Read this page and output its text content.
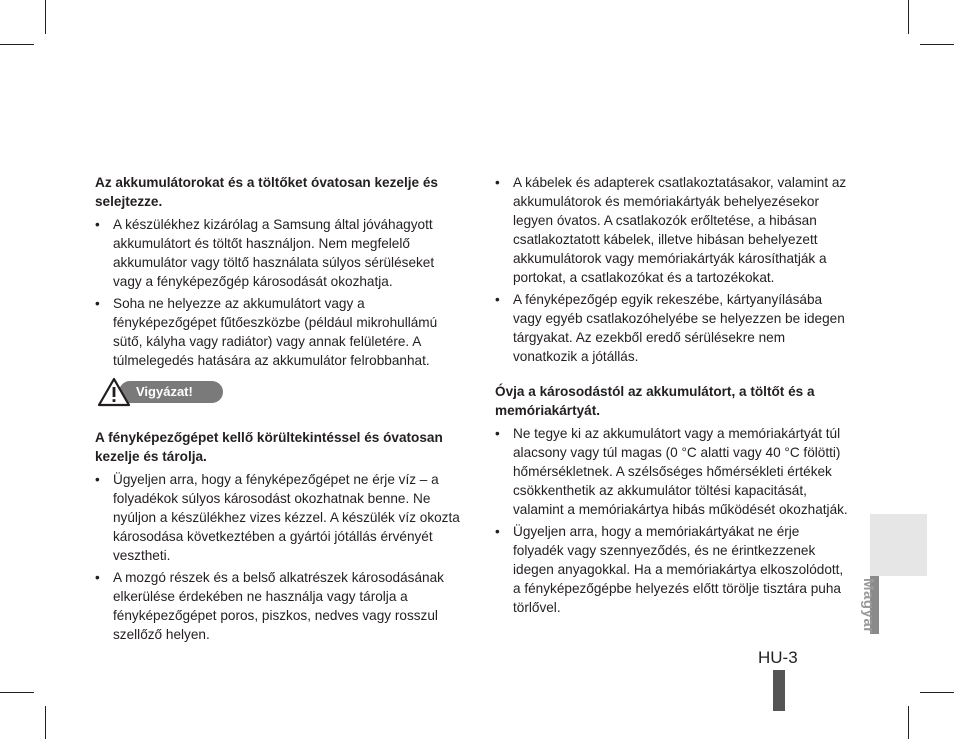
Az akkumulátorokat és a töltőket óvatosan kezelje és selejtezze.

• A készülékhez kizárólag a Samsung által jóváhagyott akkumulátort és töltőt használjon. Nem megfelelő akkumulátor vagy töltő használata súlyos sérüléseket vagy a fényképezőgép károsodását okozhatja.
• Soha ne helyezze az akkumulátort vagy a fényképezőgépet fűtőeszközbe (például mikrohullámú sütő, kályha vagy radiátor) vagy annak felületére. A túlmelegedés hatására az akkumulátor felrobbanhat.
Vigyázat!

A fényképezőgépet kellő körültekintéssel és óvatosan kezelje és tárolja.

• Ügyeljen arra, hogy a fényképezőgépet ne érje víz – a folyadékok súlyos károsodást okozhatnak benne. Ne nyúljon a készülékhez vizes kézzel. A készülék víz okozta károsodása következtében a gyártói jótállás érvényét veszthetі.
• A mozgó részek és a belső alkatrészek károsodásának elkerülése érdekében ne használja vagy tárolja a fényképezőgépet poros, piszkos, nedves vagy rosszul szellőző helyen.
• A kábelek és adapterek csatlakoztatásakor, valamint az akkumulátorok és memóriakártyák behelyezésekor legyen óvatos. A csatlakozók erőltetése, a hibásan csatlakoztatott kábelek, illetve hibásan behelyezett akkumulátorok vagy memóriakártyák károsíthatják a portokat, a csatlakozókat és a tartozékokat.
• A fényképezőgép egyik rekeszébe, kártyanyílásába vagy egyéb csatlakozóhelyébe se helyezzen be idegen tárgyakat. Az ezekből eredő sérülésekre nem vonatkozik a jótállás.

Óvja a károsodástól az akkumulátort, a töltőt és a memóriakártyát.

• Ne tegye ki az akkumulátort vagy a memóriakártyát túl alacsony vagy túl magas (0 °C alatti vagy 40 °C fölötti) hőmérsékletnek. A szélsőséges hőmérsékleti értékek csökkenthetik az akkumulátor töltési kapacitását, valamint a memóriakártya hibás működését okozhatják.
• Ügyeljen arra, hogy a memóriakártyákat ne érje folyadék vagy szennyeződés, és ne érintkezzenek idegen anyagokkal. Ha a memóriakártya elkoszolódott, a fényképezőgépbe helyezés előtt törölje tisztára puha törlővel.	Magyar
HU-3
